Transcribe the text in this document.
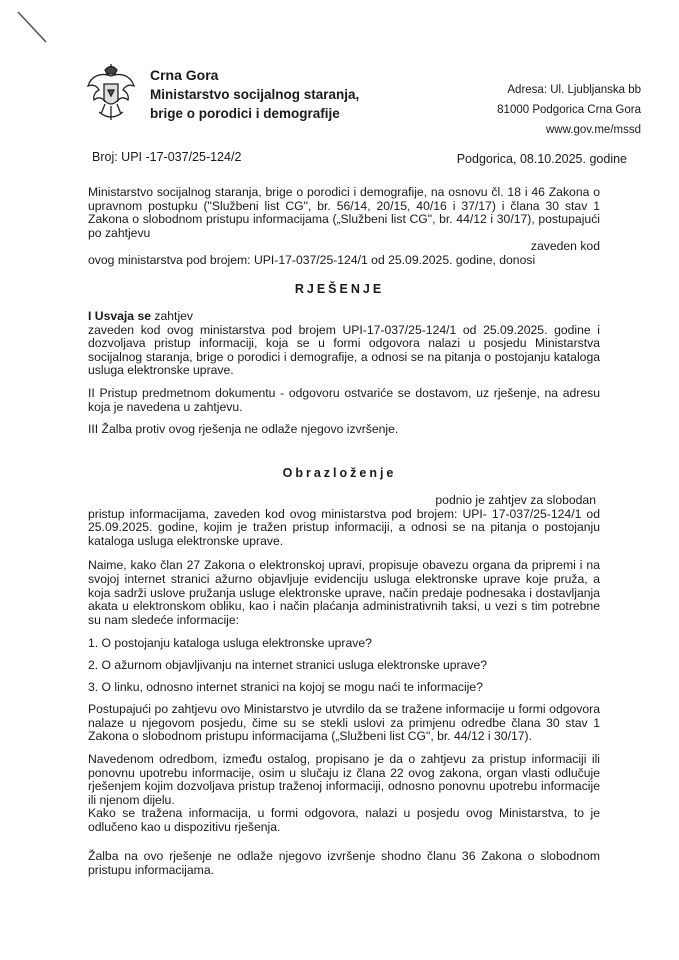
Crna Gora
Ministarstvo socijalnog staranja,
brige o porodici i demografije
Adresa: Ul. Ljubljanska bb
81000 Podgorica Crna Gora
www.gov.me/mssd
Broj: UPI -17-037/25-124/2	Podgorica, 08.10.2025. godine

Ministarstvo socijalnog staranja, brige o porodici i demografije, na osnovu čl. 18 i 46 Zakona o upravnom postupku ("Službeni list CG", br. 56/14, 20/15, 40/16 i 37/17) i člana 30 stav 1 Zakona o slobodnom pristupu informacijama („Službeni list CG", br. 44/12 i 30/17), postupajući po zahtjevu

zaveden kod

ovog ministarstva pod brojem: UPI-17-037/25-124/1 od 25.09.2025. godine, donosi

RJEŠENJE

I Usvaja se zahtjev

zaveden kod ovog ministarstva pod brojem UPI-17-037/25-124/1 od 25.09.2025. godine i dozvoljava pristup informaciji, koja se u formi odgovora nalazi u posjedu Ministarstva socijalnog staranja, brige o porodici i demografije, a odnosi se na pitanja o postojanju kataloga usluga elektronske uprave.

II Pristup predmetnom dokumentu - odgovoru ostvariće se dostavom, uz rješenje, na adresu koja je navedena u zahtjevu.

III Žalba protiv ovog rješenja ne odlaže njegovo izvršenje.

Obrazloženje

podnio je zahtjev za slobodan

pristup informacijama, zaveden kod ovog ministarstva pod brojem: UPI- 17-037/25-124/1 od 25.09.2025. godine, kojim je tražen pristup informaciji, a odnosi se na pitanja o postojanju kataloga usluga elektronske uprave.

Naime, kako član 27 Zakona o elektronskoj upravi, propisuje obavezu organa da pripremi i na svojoj internet stranici ažurno objavljuje evidenciju usluga elektronske uprave koje pruža, a koja sadrži uslove pružanja usluge elektronske uprave, način predaje podnesaka i dostavljanja akata u elektronskom obliku, kao i način plaćanja administrativnih taksi, u vezi s tim potrebne su nam sledeće informacije:

1. O postojanju kataloga usluga elektronske uprave?

2. O ažurnom objavljivanju na internet stranici usluga elektronske uprave?

3. O linku, odnosno internet stranici na kojoj se mogu naći te informacije?

Postupajući po zahtjevu ovo Ministarstvo je utvrdilo da se tražene informacije u formi odgovora nalaze u njegovom posjedu, čime su se stekli uslovi za primjenu odredbe člana 30 stav 1 Zakona o slobodnom pristupu informacijama („Službeni list CG", br. 44/12 i 30/17).

Navedenom odredbom, između ostalog, propisano je da o zahtjevu za pristup informaciji ili ponovnu upotrebu informacije, osim u slučaju iz člana 22 ovog zakona, organ vlasti odlučuje rješenjem kojim dozvoljava pristup traženoj informaciji, odnosno ponovnu upotrebu informacije ili njenom dijelu.

Kako se tražena informacija, u formi odgovora, nalazi u posjedu ovog Ministarstva, to je odlučeno kao u dispozitivu rješenja.

Žalba na ovo rješenje ne odlaže njegovo izvršenje shodno članu 36 Zakona o slobodnom pristupu informacijama.
